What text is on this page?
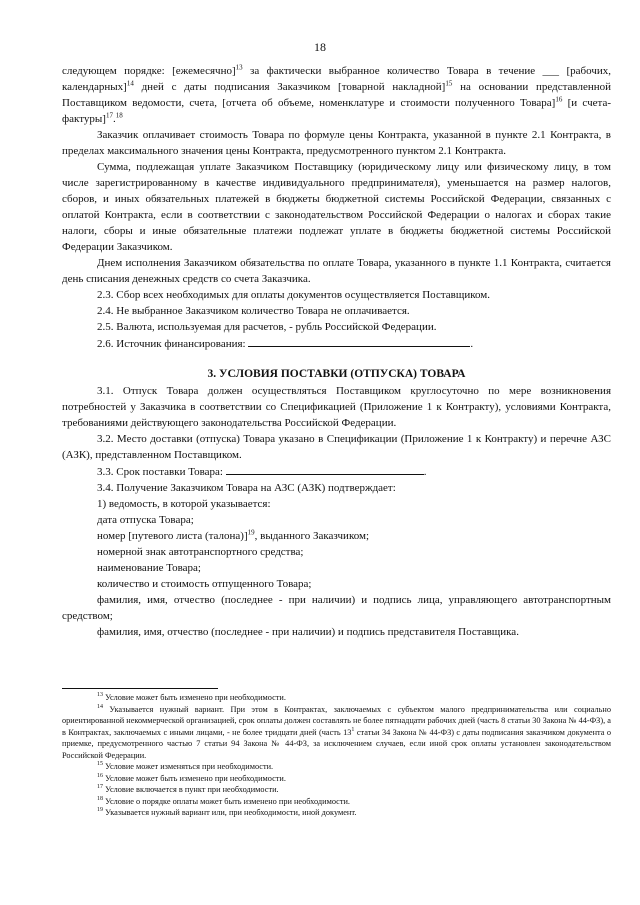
18

следующем порядке: [ежемесячно]$^{13}$ за фактически выбранное количество Товара в течение ___ [рабочих, календарных]$^{14}$ дней с даты подписания Заказчиком [товарной накладной]$^{15}$ на основании представленной Поставщиком ведомости, счета, [отчета об объеме, номенклатуре и стоимости полученного Товара]$^{16}$ [и счета-фактуры]$^{17}$.$^{18}$

Заказчик оплачивает стоимость Товара по формуле цены Контракта, указанной в пункте 2.1 Контракта, в пределах максимального значения цены Контракта, предусмотренного пунктом 2.1 Контракта.

Сумма, подлежащая уплате Заказчиком Поставщику (юридическому лицу или физическому лицу, в том числе зарегистрированному в качестве индивидуального предпринимателя), уменьшается на размер налогов, сборов, и иных обязательных платежей в бюджеты бюджетной системы Российской Федерации, связанных с оплатой Контракта, если в соответствии с законодательством Российской Федерации о налогах и сборах такие налоги, сборы и иные обязательные платежи подлежат уплате в бюджеты бюджетной системы Российской Федерации Заказчиком.

Днем исполнения Заказчиком обязательства по оплате Товара, указанного в пункте 1.1 Контракта, считается день списания денежных средств со счета Заказчика.

2.3. Сбор всех необходимых для оплаты документов осуществляется Поставщиком.

2.4. Не выбранное Заказчиком количество Товара не оплачивается.

2.5. Валюта, используемая для расчетов, - рубль Российской Федерации.

2.6. Источник финансирования:	.

3. УСЛОВИЯ ПОСТАВКИ (ОТПУСКА) ТОВАРА

3.1. Отпуск Товара должен осуществляться Поставщиком круглосуточно по мере возникновения потребностей у Заказчика в соответствии со Спецификацией (Приложение 1 к Контракту), условиями Контракта, требованиями действующего законодательства Российской Федерации.

3.2. Место доставки (отпуска) Товара указано в Спецификации (Приложение 1 к Контракту) и перечне АЗС (АЗК), представленном Поставщиком.

3.3. Срок поставки Товара:	.

3.4. Получение Заказчиком Товара на АЗС (АЗК) подтверждает:

1) ведомость, в которой указывается:

дата отпуска Товара;

номер [путевого листа (талона)]$^{19}$, выданного Заказчиком;

номерной знак автотранспортного средства;

наименование Товара;

количество и стоимость отпущенного Товара;

фамилия, имя, отчество (последнее - при наличии) и подпись лица, управляющего автотранспортным средством;

фамилия, имя, отчество (последнее - при наличии) и подпись представителя Поставщика.

$^{13}$ Условие может быть изменено при необходимости.

$^{14}$ Указывается нужный вариант. При этом в Контрактах, заключаемых с субъектом малого предпринимательства или социально ориентированной некоммерческой организацией, срок оплаты должен составлять не более пятнадцати рабочих дней (часть 8 статьи 30 Закона № 44-ФЗ), а в Контрактах, заключаемых с иными лицами, - не более тридцати дней (часть $13^1$ статьи 34 Закона № 44-ФЗ) с даты подписания заказчиком документа о приемке, предусмотренного частью 7 статьи 94 Закона № 44-ФЗ, за исключением случаев, если иной срок оплаты установлен законодательством Российской Федерации.

$^{15}$ Условие может изменяться при необходимости.

$^{16}$ Условие может быть изменено при необходимости.

$^{17}$ Условие включается в пункт при необходимости.

$^{18}$ Условие о порядке оплаты может быть изменено при необходимости.

$^{19}$ Указывается нужный вариант или, при необходимости, иной документ.
